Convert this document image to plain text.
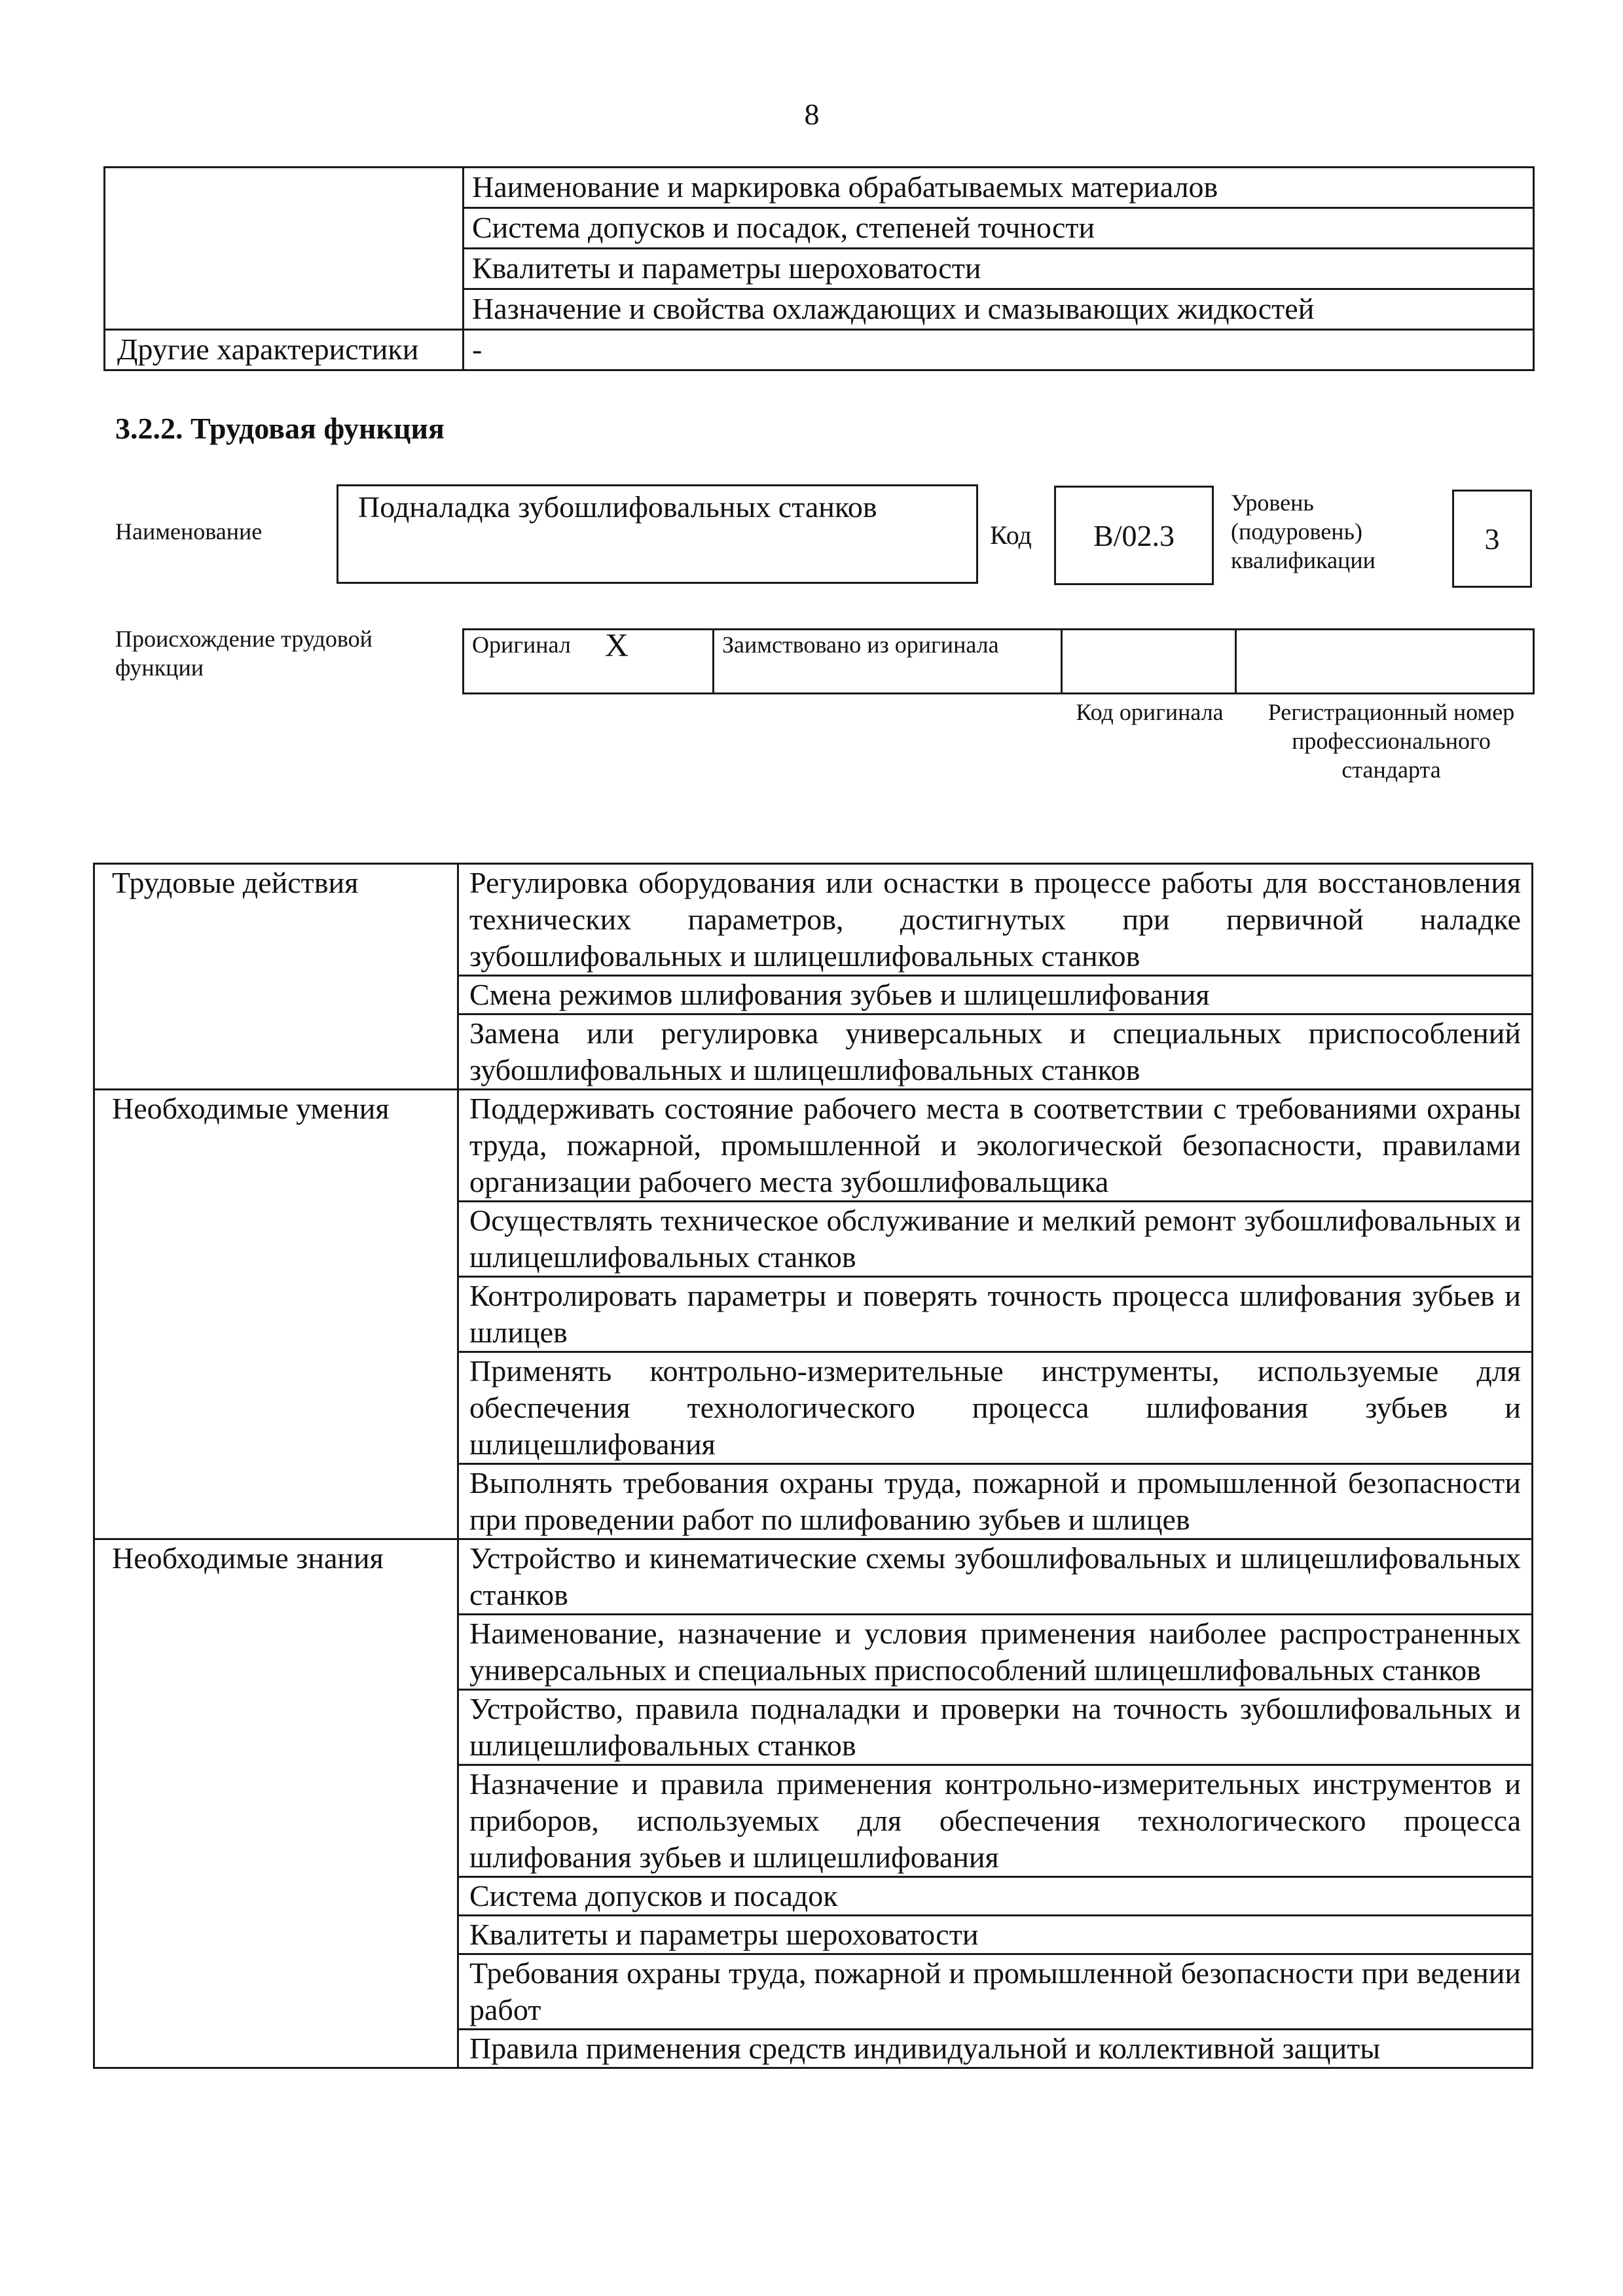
8
	Наименование и маркировка обрабатываемых материалов
	Система допусков и посадок, степеней точности
	Квалитеты и параметры шероховатости
	Назначение и свойства охлаждающих и смазывающих жидкостей
Другие характеристики	-
3.2.2. Трудовая функция
Наименование
Подналадка зубошлифовальных станков
Код	B/02.3
Уровень (подуровень) квалификации
3
Происхождение трудовой функции
Оригинал X	Заимствовано из оригинала		
Код оригинала	Регистрационный номер профессионального стандарта
Трудовые действия	Регулировка оборудования или оснастки в процессе работы для восстановления технических параметров, достигнутых при первичной наладке зубошлифовальных и шлицешлифовальных станков
	Смена режимов шлифования зубьев и шлицешлифования
	Замена или регулировка универсальных и специальных приспособлений зубошлифовальных и шлицешлифовальных станков
Необходимые умения	Поддерживать состояние рабочего места в соответствии с требованиями охраны труда, пожарной, промышленной и экологической безопасности, правилами организации рабочего места зубошлифовальщика
	Осуществлять техническое обслуживание и мелкий ремонт зубошлифовальных и шлицешлифовальных станков
	Контролировать параметры и поверять точность процесса шлифования зубьев и шлицев
	Применять контрольно-измерительные инструменты, используемые для обеспечения технологического процесса шлифования зубьев и шлицешлифования
	Выполнять требования охраны труда, пожарной и промышленной безопасности при проведении работ по шлифованию зубьев и шлицев
Необходимые знания	Устройство и кинематические схемы зубошлифовальных и шлицешлифовальных станков
	Наименование, назначение и условия применения наиболее распространенных универсальных и специальных приспособлений шлицешлифовальных станков
	Устройство, правила подналадки и проверки на точность зубошлифовальных и шлицешлифовальных станков
	Назначение и правила применения контрольно-измерительных инструментов и приборов, используемых для обеспечения технологического процесса шлифования зубьев и шлицешлифования
	Система допусков и посадок
	Квалитеты и параметры шероховатости
	Требования охраны труда, пожарной и промышленной безопасности при ведении работ
	Правила применения средств индивидуальной и коллективной защиты
